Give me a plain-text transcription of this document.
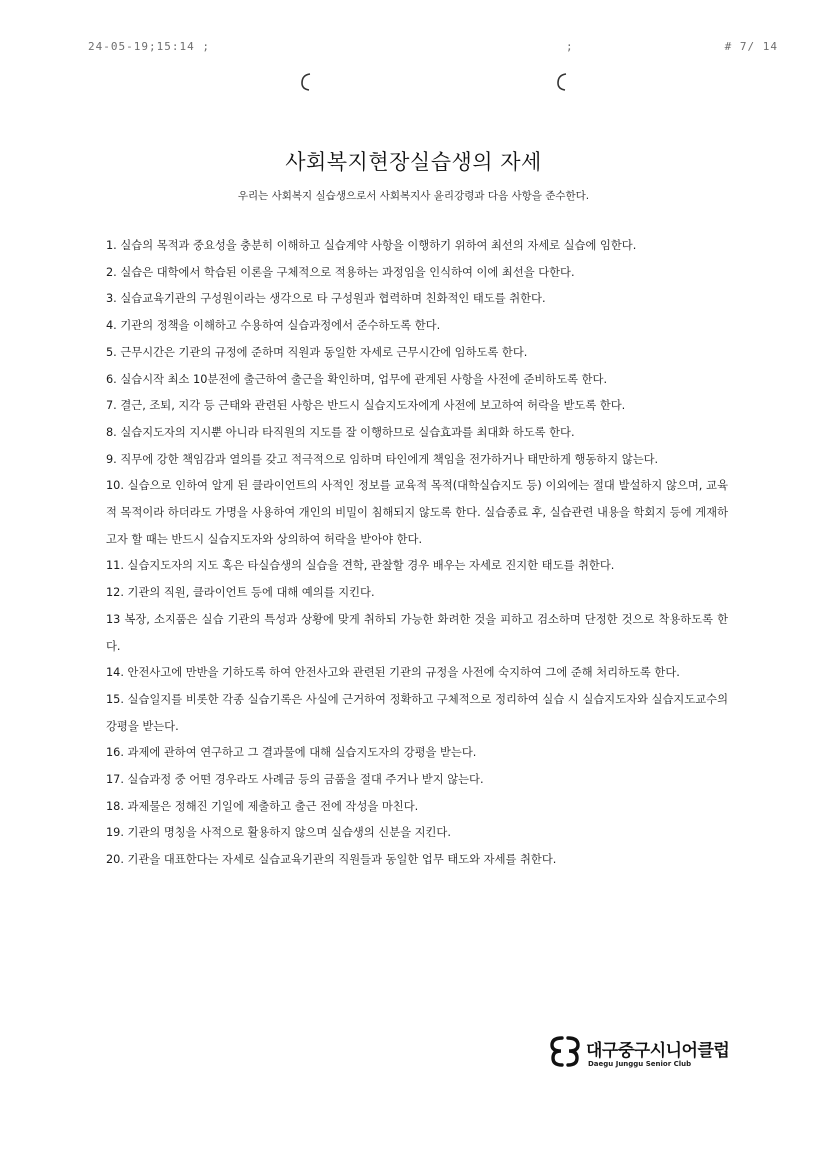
24-05-19;15:14 ;	;	# 7/ 14
사회복지현장실습생의 자세

우리는 사회복지 실습생으로서 사회복지사 윤리강령과 다음 사항을 준수한다.

1. 실습의 목적과 중요성을 충분히 이해하고 실습계약 사항을 이행하기 위하여 최선의 자세로 실습에 임한다.
2. 실습은 대학에서 학습된 이론을 구체적으로 적용하는 과정임을 인식하여 이에 최선을 다한다.
3. 실습교육기관의 구성원이라는 생각으로 타 구성원과 협력하며 친화적인 태도를 취한다.
4. 기관의 정책을 이해하고 수용하여 실습과정에서 준수하도록 한다.
5. 근무시간은 기관의 규정에 준하며 직원과 동일한 자세로 근무시간에 임하도록 한다.
6. 실습시작 최소 10분전에 출근하여 출근을 확인하며, 업무에 관계된 사항을 사전에 준비하도록 한다.
7. 결근, 조퇴, 지각 등 근태와 관련된 사항은 반드시 실습지도자에게 사전에 보고하여 허락을 받도록 한다.
8. 실습지도자의 지시뿐 아니라 타직원의 지도를 잘 이행하므로 실습효과를 최대화 하도록 한다.
9. 직무에 강한 책임감과 열의를 갖고 적극적으로 임하며 타인에게 책임을 전가하거나 태만하게 행동하지 않는다.
10. 실습으로 인하여 알게 된 클라이언트의 사적인 정보를 교육적 목적(대학실습지도 등) 이외에는 절대 발설하지 않으며, 교육적 목적이라 하더라도 가명을 사용하여 개인의 비밀이 침해되지 않도록 한다. 실습종료 후, 실습관련 내용을 학회지 등에 게재하고자 할 때는 반드시 실습지도자와 상의하여 허락을 받아야 한다.
11. 실습지도자의 지도 혹은 타실습생의 실습을 견학, 관찰할 경우 배우는 자세로 진지한 태도를 취한다.
12. 기관의 직원, 클라이언트 등에 대해 예의를 지킨다.
13 복장, 소지품은 실습 기관의 특성과 상황에 맞게 취하되 가능한 화려한 것을 피하고 검소하며 단정한 것으로 착용하도록 한다.
14. 안전사고에 만반을 기하도록 하여 안전사고와 관련된 기관의 규정을 사전에 숙지하여 그에 준해 처리하도록 한다.
15. 실습일지를 비롯한 각종 실습기록은 사실에 근거하여 정확하고 구체적으로 정리하여 실습 시 실습지도자와 실습지도교수의 강평을 받는다.
16. 과제에 관하여 연구하고 그 결과물에 대해 실습지도자의 강평을 받는다.
17. 실습과정 중 어떤 경우라도 사례금 등의 금품을 절대 주거나 받지 않는다.
18. 과제물은 정해진 기일에 제출하고 출근 전에 작성을 마친다.
19. 기관의 명칭을 사적으로 활용하지 않으며 실습생의 신분을 지킨다.
20. 기관을 대표한다는 자세로 실습교육기관의 직원들과 동일한 업무 태도와 자세를 취한다.
대구중구시니어클럽
Daegu Junggu Senior Club
